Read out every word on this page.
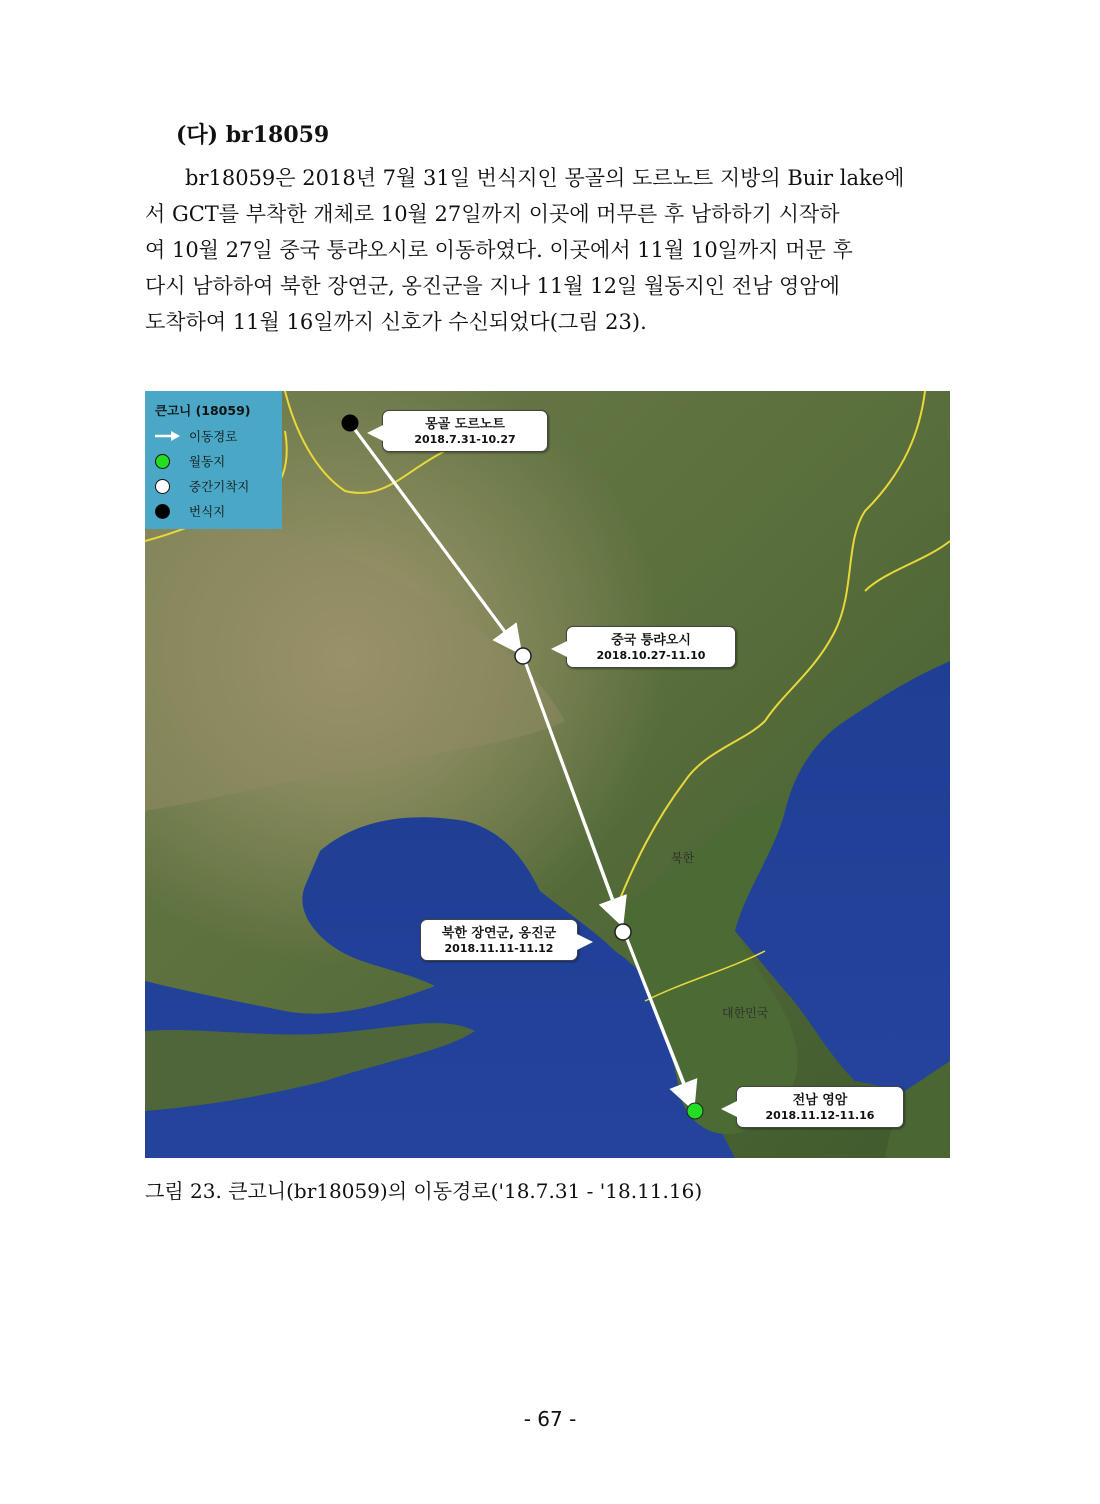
(다) br18059

br18059은 2018년 7월 31일 번식지인 몽골의 도르노트 지방의 Buir lake에
서 GCT를 부착한 개체로 10월 27일까지 이곳에 머무른 후 남하하기 시작하
여 10월 27일 중국 퉁랴오시로 이동하였다. 이곳에서 11월 10일까지 머문 후
다시 남하하여 북한 장연군, 옹진군을 지나 11월 12일 월동지인 전남 영암에
도착하여 11월 16일까지 신호가 수신되었다(그림 23).

큰고니 (18059)
이동경로
월동지
중간기착지
번식지
몽골 도르노트
2018.7.31-10.27
중국 퉁랴오시
2018.10.27-11.10
북한 장연군, 옹진군
2018.11.11-11.12
전남 영암
2018.11.12-11.16
북한
대한민국
그림 23. 큰고니(br18059)의 이동경로('18.7.31 - '18.11.16)
- 67 -
